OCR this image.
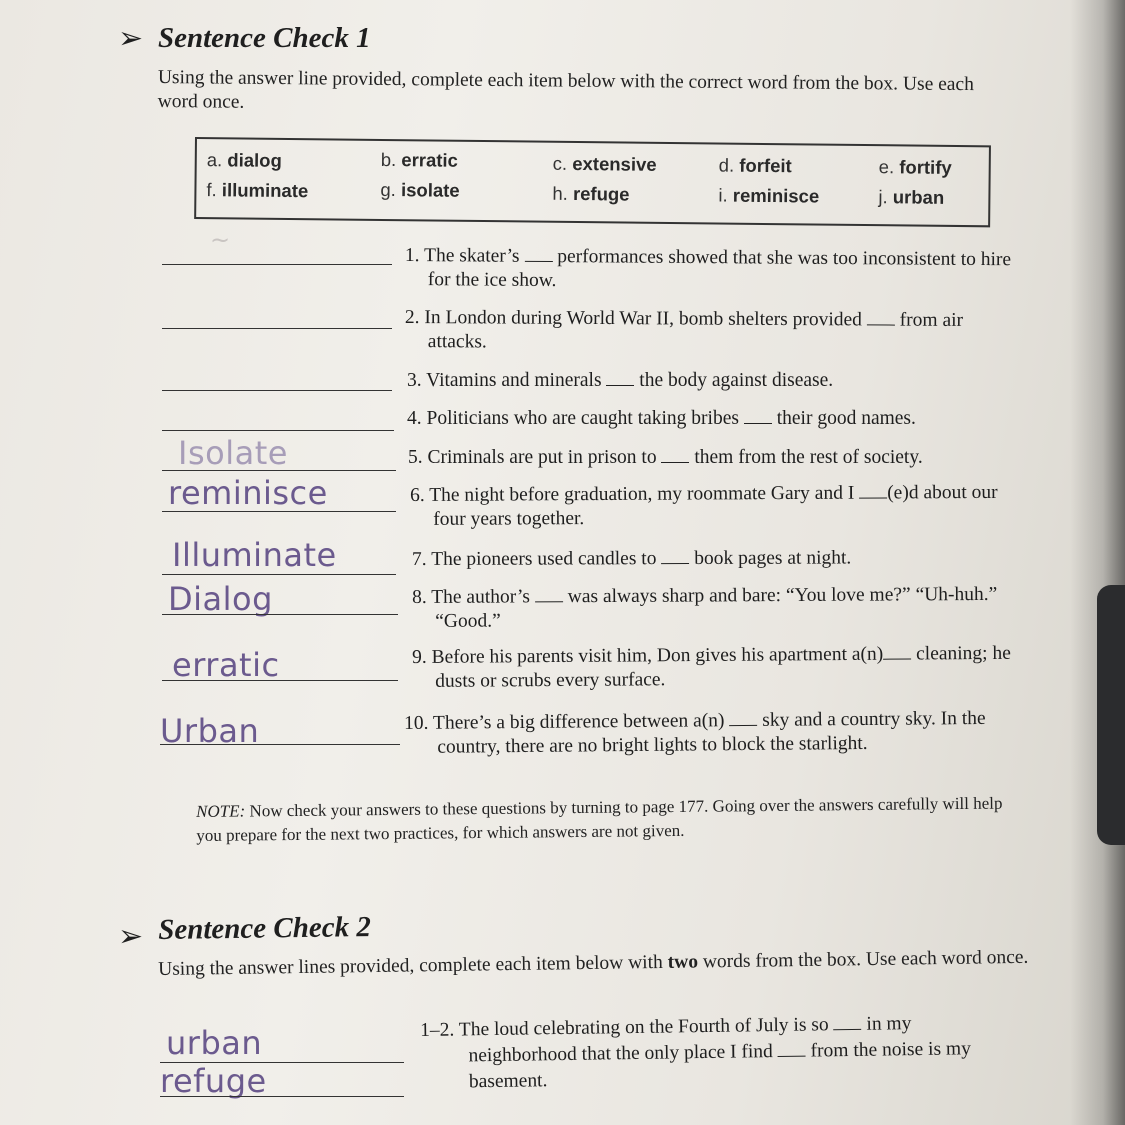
➢ Sentence Check 1
Using the answer line provided, complete each item below with the correct word from the box. Use each word once.
a. dialog	b. erratic	c. extensive	d. forfeit	e. fortify
f. illuminate	g. isolate	h. refuge	i. reminisce	j. urban
~
1. The skater’s performances showed that she was too inconsistent to hire
for the ice show.
2. In London during World War II, bomb shelters provided from air
attacks.
3. Vitamins and minerals the body against disease.
4. Politicians who are caught taking bribes their good names.
Isolate	5. Criminals are put in prison to them from the rest of society.
reminisce	6. The night before graduation, my roommate Gary and I (e)d about our
four years together.
Illuminate	7. The pioneers used candles to book pages at night.
Dialog	8. The author’s was always sharp and bare: “You love me?” “Uh-huh.”
“Good.”
erratic	9. Before his parents visit him, Don gives his apartment a(n) cleaning; he
dusts or scrubs every surface.
Urban	10. There’s a big difference between a(n) sky and a country sky. In the
country, there are no bright lights to block the starlight.
NOTE: Now check your answers to these questions by turning to page 177. Going over the answers carefully will help you prepare for the next two practices, for which answers are not given.
➢ Sentence Check 2
Using the answer lines provided, complete each item below with two words from the box. Use each word once.
urban
refuge
1–2. The loud celebrating on the Fourth of July is so in my
neighborhood that the only place I find from the noise is my
basement.
